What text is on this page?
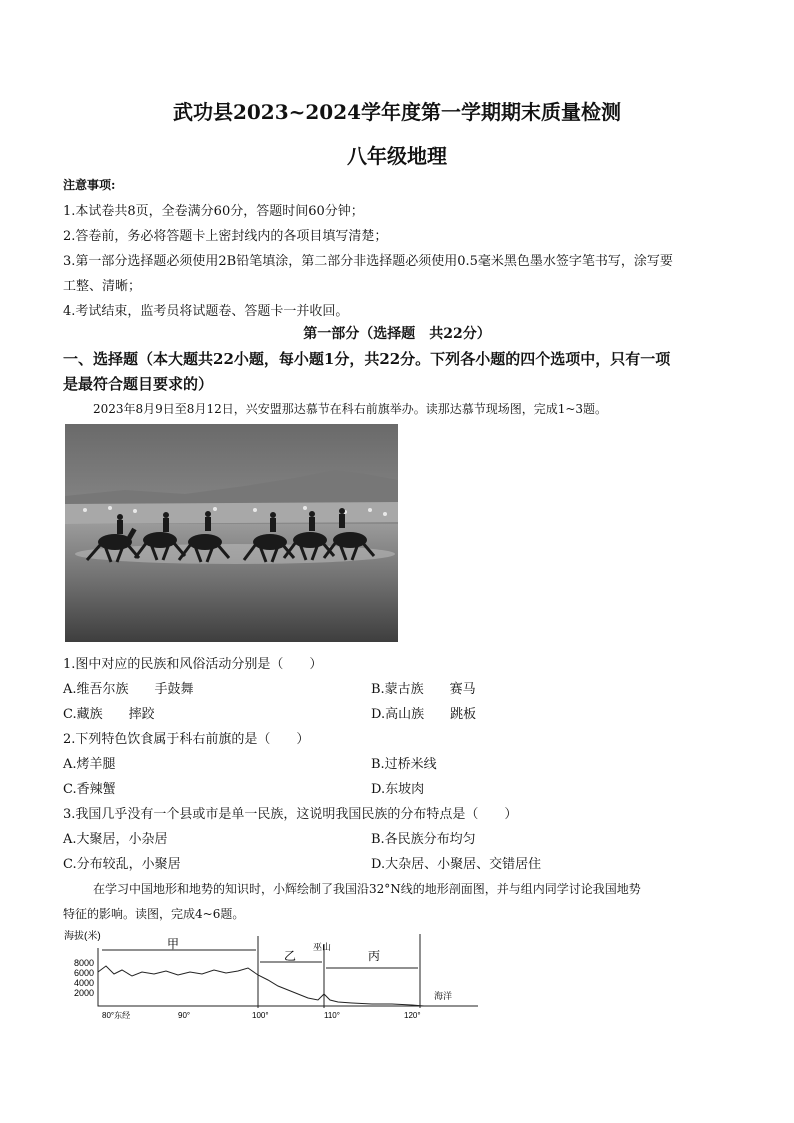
武功县2023~2024学年度第一学期期末质量检测
八年级地理
注意事项:
1.本试卷共8页，全卷满分60分，答题时间60分钟；
2.答卷前，务必将答题卡上密封线内的各项目填写清楚；
3.第一部分选择题必须使用2B铅笔填涂，第二部分非选择题必须使用0.5毫米黑色墨水签字笔书写，涂写要
工整、清晰；
4.考试结束，监考员将试题卷、答题卡一并收回。
第一部分（选择题　共22分）
一、选择题（本大题共22小题，每小题1分，共22分。下列各小题的四个选项中，只有一项
是最符合题目要求的）
2023年8月9日至8月12日，兴安盟那达慕节在科右前旗举办。读那达慕节现场图，完成1~3题。
1.图中对应的民族和风俗活动分别是（　　）
A.维吾尔族　　手鼓舞	B.蒙古族　　赛马
C.藏族　　摔跤	D.高山族　　跳板
2.下列特色饮食属于科右前旗的是（　　）
A.烤羊腿	B.过桥米线
C.香辣蟹	D.东坡肉
3.我国几乎没有一个县或市是单一民族，这说明我国民族的分布特点是（　　）
A.大聚居，小杂居	B.各民族分布均匀
C.分布较乱，小聚居	D.大杂居、小聚居、交错居住
在学习中国地形和地势的知识时，小辉绘制了我国沿32°N线的地形剖面图，并与组内同学讨论我国地势
特征的影响。读图，完成4~6题。
海拔(米)
8000
6000
4000
2000
甲
乙	丙
巫山
海洋
80°东经	90°	100°	110°	120°
